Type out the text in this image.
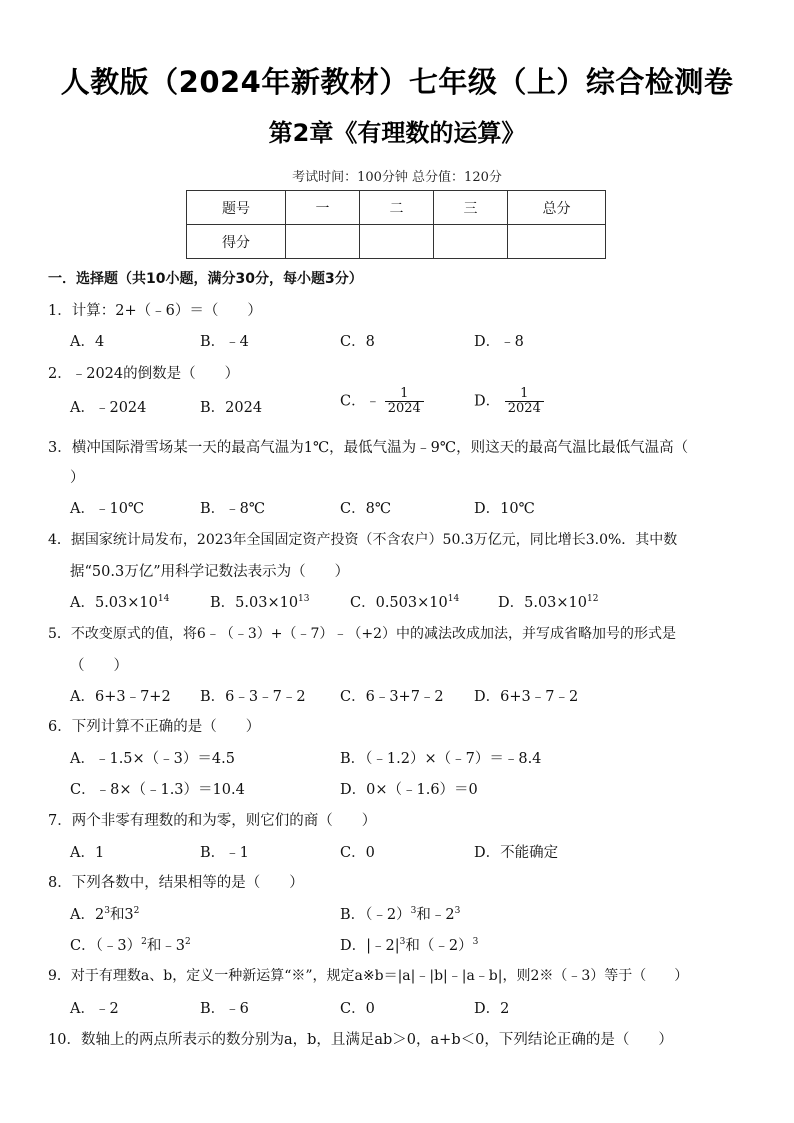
人教版（2024年新教材）七年级（上）综合检测卷
第2章《有理数的运算》
考试时间：100分钟 总分值：120分
题号	一	二	三	总分
得分				
一．选择题（共10小题，满分30分，每小题3分）
1．计算：2+（﹣6）＝（　　）
A．4	B．﹣4	C．8	D．﹣8
2．﹣2024的倒数是（　　）
A．﹣2024	B．2024	C．﹣ $\frac{1}{2024}$	D． $\frac{1}{2024}$
3．横冲国际滑雪场某一天的最高气温为1℃，最低气温为﹣9℃，则这天的最高气温比最低气温高（
）
A．﹣10℃	B．﹣8℃	C．8℃	D．10℃
4．据国家统计局发布，2023年全国固定资产投资（不含农户）50.3万亿元，同比增长3.0%．其中数
据“50.3万亿”用科学记数法表示为（　　）
A．$5.03\times 10^{14}$	B．$5.03\times 10^{13}$	C．$0.503\times 10^{14}$	D．$5.03\times 10^{12}$
5．不改变原式的值，将6﹣（﹣3）+（﹣7）﹣（+2）中的减法改成加法，并写成省略加号的形式是
（　　）
A．6+3﹣7+2 B．6﹣3﹣7﹣2 C．6﹣3+7﹣2 D．6+3﹣7﹣2
6．下列计算不正确的是（　　）
A．﹣1.5×（﹣3）＝4.5	B．（﹣1.2）×（﹣7）＝﹣8.4
C．﹣8×（﹣1.3）＝10.4	D．0×（﹣1.6）＝0
7．两个非零有理数的和为零，则它们的商（　　）
A．1	B．﹣1	C．0	D．不能确定
8．下列各数中，结果相等的是（　　）
A．$2^3$和$3^2$	B．（﹣2）$^3$和$﹣2^3$
C．（﹣3）$^2$和$﹣3^2$	D．$|﹣2|^3$和（﹣2）$^3$
9．对于有理数a、b，定义一种新运算“※”，规定a※b＝|a|﹣|b|﹣|a﹣b|，则2※（﹣3）等于（　　）
A．﹣2	B．﹣6	C．0	D．2
10．数轴上的两点所表示的数分别为a，b，且满足ab＞0，a+b＜0，下列结论正确的是（　　）
